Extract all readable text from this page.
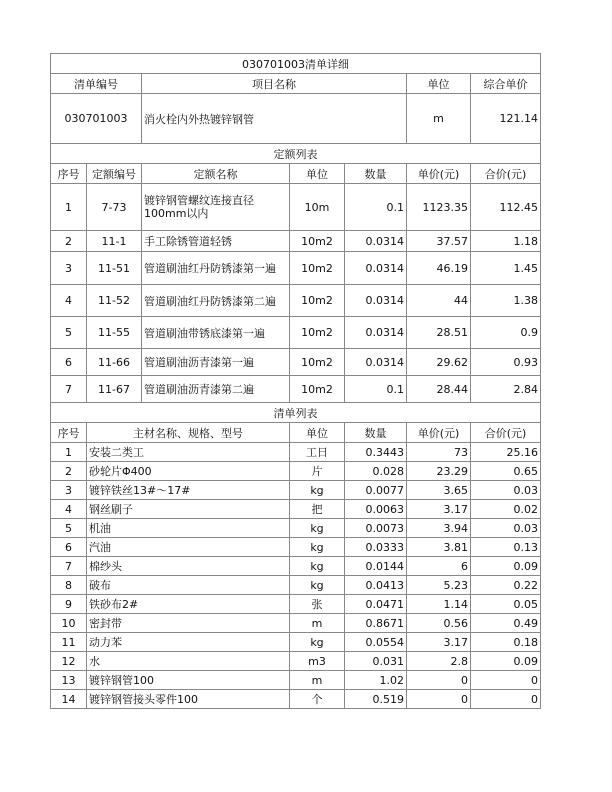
030701003清单详细						
清单编号		项目名称			单位	综合单价
030701003		消火栓内外热镀锌钢管			m	121.14
定额列表						
序号	定额编号	定额名称	单位	数量	单价(元)	合价(元)
1	7-73	镀锌钢管螺纹连接直径100mm以内	10m	0.1	1123.35	112.45
2	11-1	手工除锈管道轻锈	10m2	0.0314	37.57	1.18
3	11-51	管道刷油红丹防锈漆第一遍	10m2	0.0314	46.19	1.45
4	11-52	管道刷油红丹防锈漆第二遍	10m2	0.0314	44	1.38
5	11-55	管道刷油带锈底漆第一遍	10m2	0.0314	28.51	0.9
6	11-66	管道刷油沥青漆第一遍	10m2	0.0314	29.62	0.93
7	11-67	管道刷油沥青漆第二遍	10m2	0.1	28.44	2.84
清单列表						
序号	主材名称、规格、型号		单位	数量	单价(元)	合价(元)
1	安装二类工		工日	0.3443	73	25.16
2	砂轮片Φ400		片	0.028	23.29	0.65
3	镀锌铁丝13#～17#		kg	0.0077	3.65	0.03
4	钢丝刷子		把	0.0063	3.17	0.02
5	机油		kg	0.0073	3.94	0.03
6	汽油		kg	0.0333	3.81	0.13
7	棉纱头		kg	0.0144	6	0.09
8	破布		kg	0.0413	5.23	0.22
9	铁砂布2#		张	0.0471	1.14	0.05
10	密封带		m	0.8671	0.56	0.49
11	动力苯		kg	0.0554	3.17	0.18
12	水		m3	0.031	2.8	0.09
13	镀锌钢管100		m	1.02	0	0
14	镀锌钢管接头零件100		个	0.519	0	0
